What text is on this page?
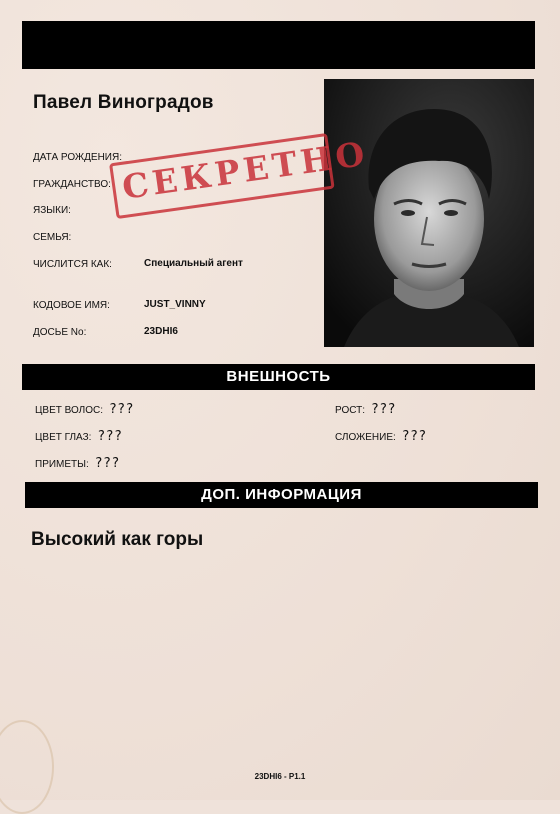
Павел Виноградов
ДАТА РОЖДЕНИЯ:
ГРАЖДАНСТВО:
ЯЗЫКИ:
СЕМЬЯ:
ЧИСЛИТСЯ КАК:	Специальный агент
КОДОВОЕ ИМЯ:	JUST_VINNY
ДОСЬЕ No:	23DHI6
СЕКРЕТНО
ВНЕШНОСТЬ
ЦВЕТ ВОЛОС: ???	РОСТ: ???
ЦВЕТ ГЛАЗ: ???	СЛОЖЕНИЕ: ???
ПРИМЕТЫ: ???
ДОП. ИНФОРМАЦИЯ
Высокий как горы
23DHI6 - P1.1
